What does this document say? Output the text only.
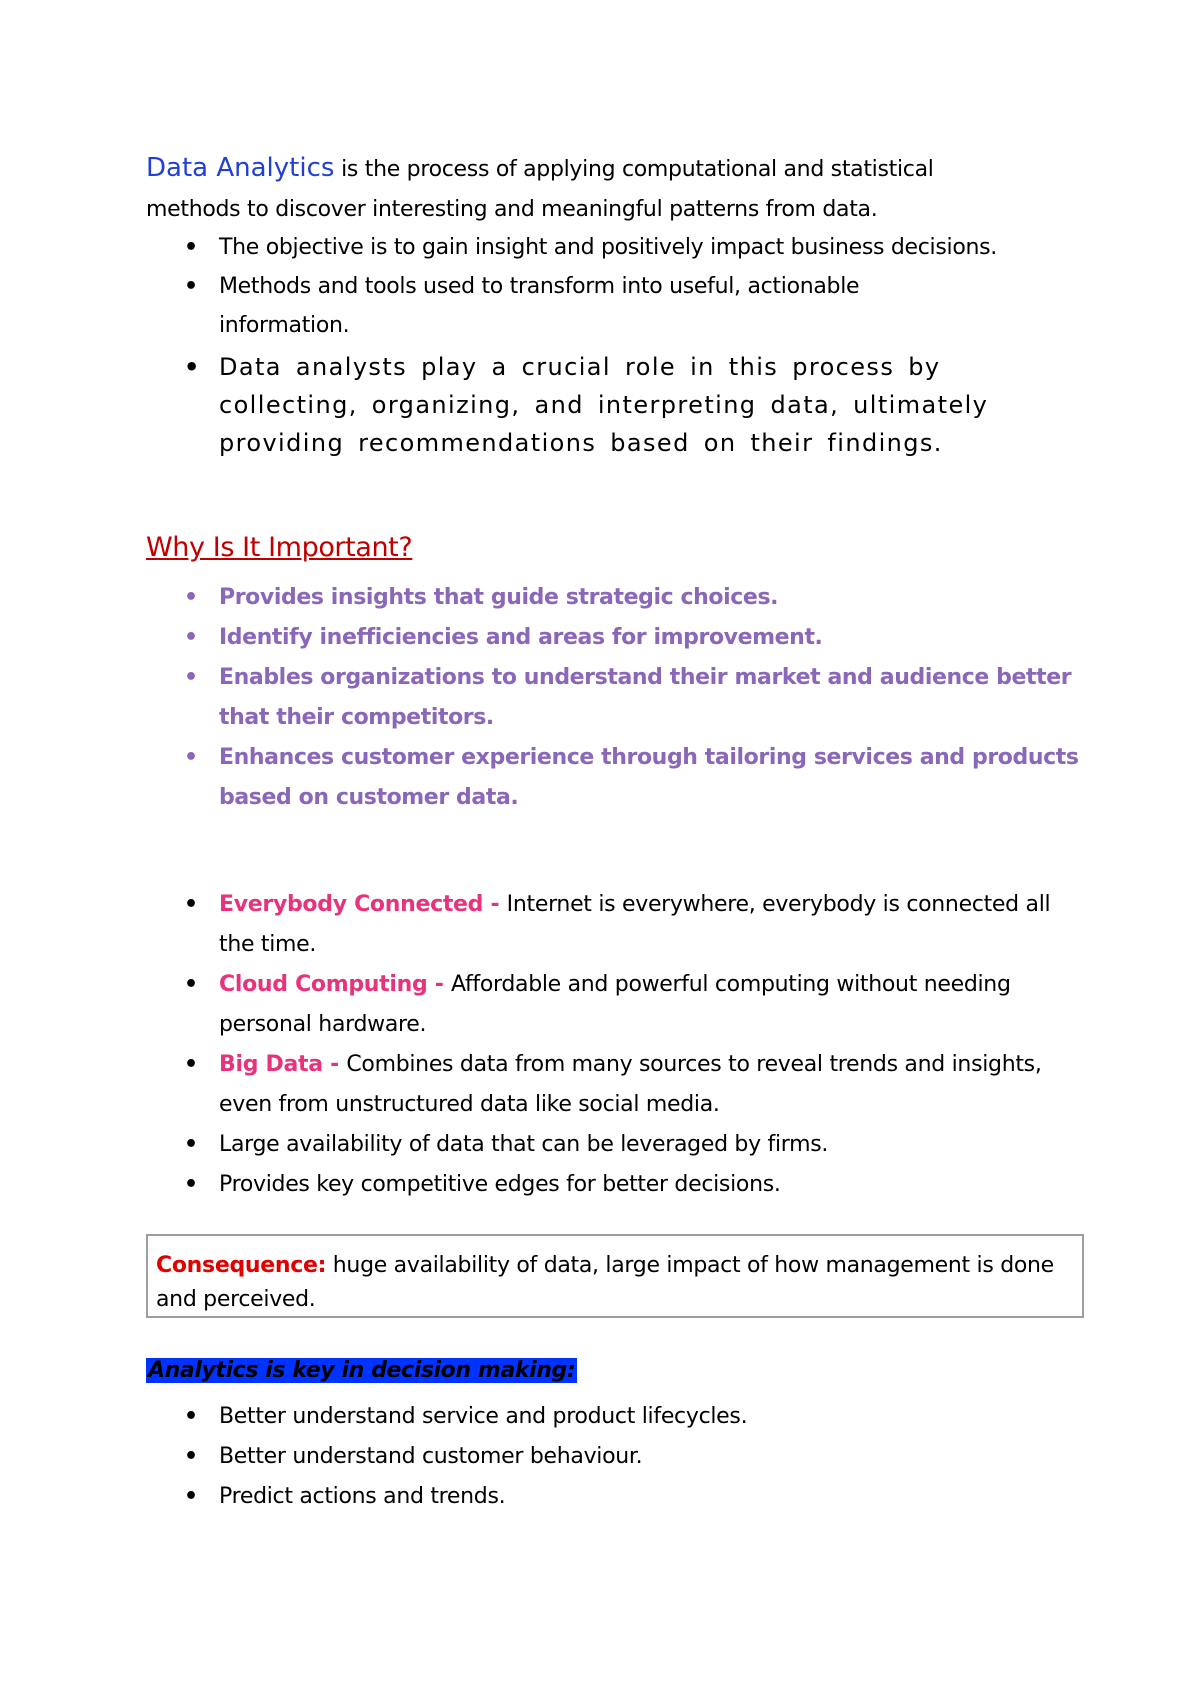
Data Analytics is the process of applying computational and statistical
methods to discover interesting and meaningful patterns from data.

• The objective is to gain insight and positively impact business decisions.
• Methods and tools used to transform into useful, actionable information.
• Data analysts play a crucial role in this process by collecting, organizing, and interpreting data, ultimately providing recommendations based on their findings.
Why Is It Important?
• Provides insights that guide strategic choices.
• Identify inefficiencies and areas for improvement.
• Enables organizations to understand their market and audience better that their competitors.
• Enhances customer experience through tailoring services and products based on customer data.
• Everybody Connected - Internet is everywhere, everybody is connected all the time.
• Cloud Computing - Affordable and powerful computing without needing personal hardware.
• Big Data - Combines data from many sources to reveal trends and insights, even from unstructured data like social media.
• Large availability of data that can be leveraged by firms.
• Provides key competitive edges for better decisions.
Consequence: huge availability of data, large impact of how management is done and perceived.
Analytics is key in decision making:
• Better understand service and product lifecycles.
• Better understand customer behaviour.
• Predict actions and trends.
